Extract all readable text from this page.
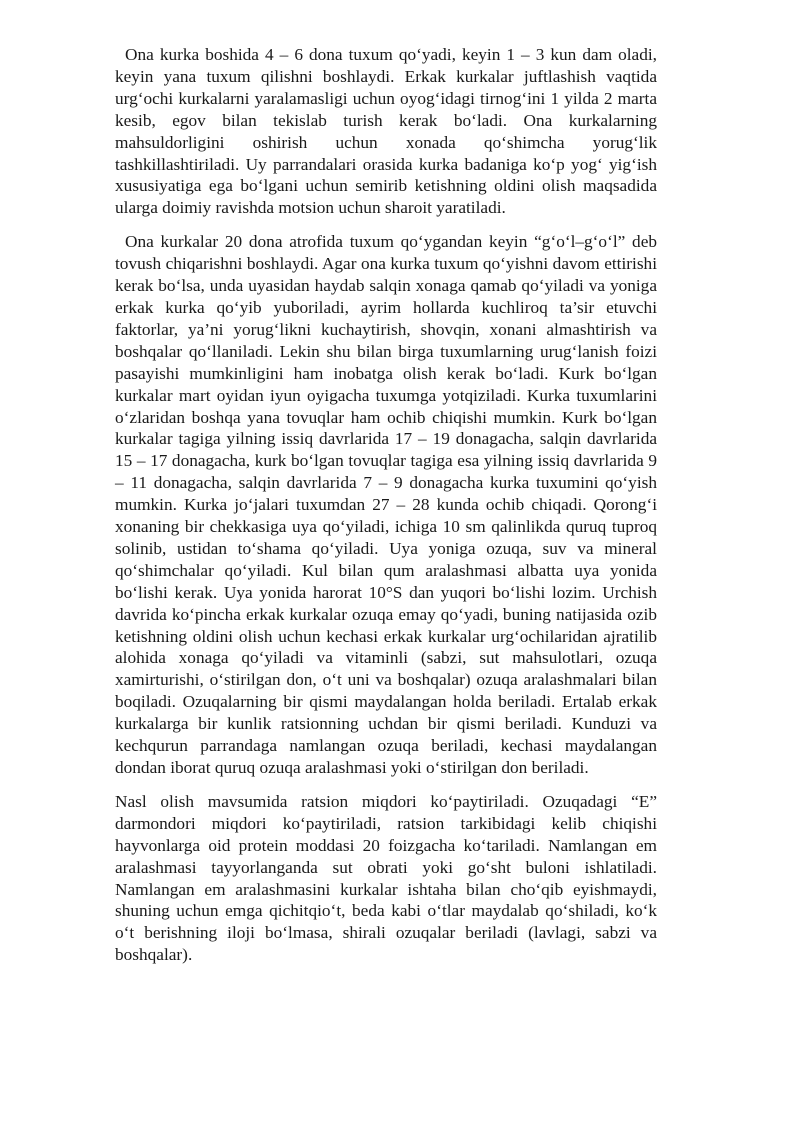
Ona kurka boshida 4 – 6 dona tuxum qo‘yadi, keyin 1 – 3 kun dam oladi, keyin yana tuxum qilishni boshlaydi. Erkak kurkalar juftlashish vaqtida urg‘ochi kurkalarni yaralamasligi uchun oyog‘idagi tirnog‘ini 1 yilda 2 marta kesib, egov bilan tekislab turish kerak bo‘ladi. Ona kurkalarning mahsuldorligini oshirish uchun xonada qo‘shimcha yorug‘lik tashkillashtiriladi. Uy parrandalari orasida kurka badaniga ko‘p yog‘ yig‘ish xususiyatiga ega bo‘lgani uchun semirib ketishning oldini olish maqsadida ularga doimiy ravishda motsion uchun sharoit yaratiladi.

Ona kurkalar 20 dona atrofida tuxum qo‘ygandan keyin “g‘o‘l–g‘o‘l” deb tovush chiqarishni boshlaydi. Agar ona kurka tuxum qo‘yishni davom ettirishi kerak bo‘lsa, unda uyasidan haydab salqin xonaga qamab qo‘yiladi va yoniga erkak kurka qo‘yib yuboriladi, ayrim hollarda kuchliroq ta’sir etuvchi faktorlar, ya’ni yorug‘likni kuchaytirish, shovqin, xonani almashtirish va boshqalar qo‘llaniladi. Lekin shu bilan birga tuxumlarning urug‘lanish foizi pasayishi mumkinligini ham inobatga olish kerak bo‘ladi. Kurk bo‘lgan kurkalar mart oyidan iyun oyigacha tuxumga yotqiziladi. Kurka tuxumlarini o‘zlaridan boshqa yana tovuqlar ham ochib chiqishi mumkin. Kurk bo‘lgan kurkalar tagiga yilning issiq davrlarida 17 – 19 donagacha, salqin davrlarida 15 – 17 donagacha, kurk bo‘lgan tovuqlar tagiga esa yilning issiq davrlarida 9 – 11 donagacha, salqin davrlarida 7 – 9 donagacha kurka tuxumini qo‘yish mumkin. Kurka jo‘jalari tuxumdan 27 – 28 kunda ochib chiqadi. Qorong‘i xonaning bir chekkasiga uya qo‘yiladi, ichiga 10 sm qalinlikda quruq tuproq solinib, ustidan to‘shama qo‘yiladi. Uya yoniga ozuqa, suv va mineral qo‘shimchalar qo‘yiladi. Kul bilan qum aralashmasi albatta uya yonida bo‘lishi kerak. Uya yonida harorat 10°S dan yuqori bo‘lishi lozim. Urchish davrida ko‘pincha erkak kurkalar ozuqa emay qo‘yadi, buning natijasida ozib ketishning oldini olish uchun kechasi erkak kurkalar urg‘ochilaridan ajratilib alohida xonaga qo‘yiladi va vitaminli (sabzi, sut mahsulotlari, ozuqa xamirturishi, o‘stirilgan don, o‘t uni va boshqalar) ozuqa aralashmalari bilan boqiladi. Ozuqalarning bir qismi maydalangan holda beriladi. Ertalab erkak kurkalarga bir kunlik ratsionning uchdan bir qismi beriladi. Kunduzi va kechqurun parrandaga namlangan ozuqa beriladi, kechasi maydalangan dondan iborat quruq ozuqa aralashmasi yoki o‘stirilgan don beriladi.

Nasl olish mavsumida ratsion miqdori ko‘paytiriladi. Ozuqadagi “E” darmondori miqdori ko‘paytiriladi, ratsion tarkibidagi kelib chiqishi hayvonlarga oid protein moddasi 20 foizgacha ko‘tariladi. Namlangan em aralashmasi tayyorlanganda sut obrati yoki go‘sht buloni ishlatiladi. Namlangan em aralashmasini kurkalar ishtaha bilan cho‘qib eyishmaydi, shuning uchun emga qichitqio‘t, beda kabi o‘tlar maydalab qo‘shiladi, ko‘k o‘t berishning iloji bo‘lmasa, shirali ozuqalar beriladi (lavlagi, sabzi va boshqalar).
